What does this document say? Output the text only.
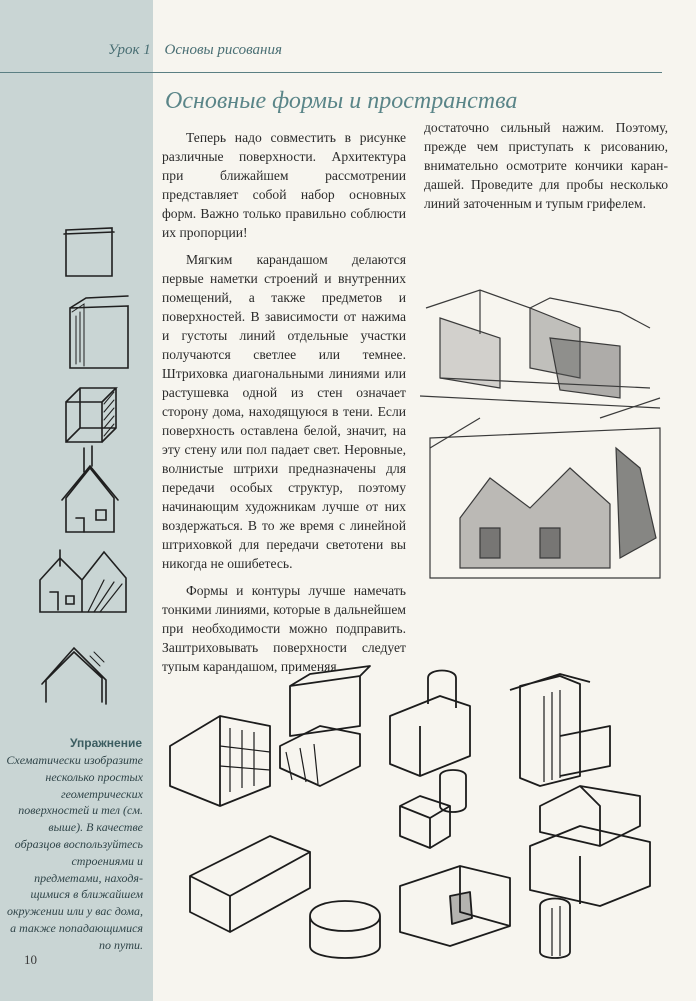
Урок 1 Основы рисования
Основные формы и пространства

Теперь надо совместить в рисунке различные поверхности. Архитектура при ближайшем рассмотрении представляет собой набор основных форм. Важно только правильно соблюсти их пропорции!

Мягким карандашом делаются первые наметки строений и внутренних помещений, а также предметов и поверхностей. В зависимости от нажима и густоты линий отдельные участки получаются светлее или темнее. Штриховка диагональными линиями или растушевка одной из стен означает сторону дома, находящуюся в тени. Если поверхность оставлена белой, значит, на эту стену или пол падает свет. Неровные, волнистые штрихи предназначены для передачи особых структур, поэтому начинающим художникам лучше от них воздержаться. В то же время с линейной штриховкой для передачи светотени вы никогда не ошибетесь.

Формы и контуры лучше намечать тонкими линиями, которые в дальнейшем при необходимости можно подправить. Заштриховывать поверхности следует тупым карандашом, применяя

достаточно сильный нажим. Поэтому, прежде чем приступать к рисованию, внимательно осмотрите кончики карандашей. Проведите для пробы несколько линий заточенным и тупым грифелем.

Упражнение
Схематически изобразите несколько простых геометрических поверхностей и тел (см. выше). В качестве образцов воспользуйтесь строениями и предметами, находящимися в ближайшем окружении или у вас дома, а также попадающимися по пути.
10
